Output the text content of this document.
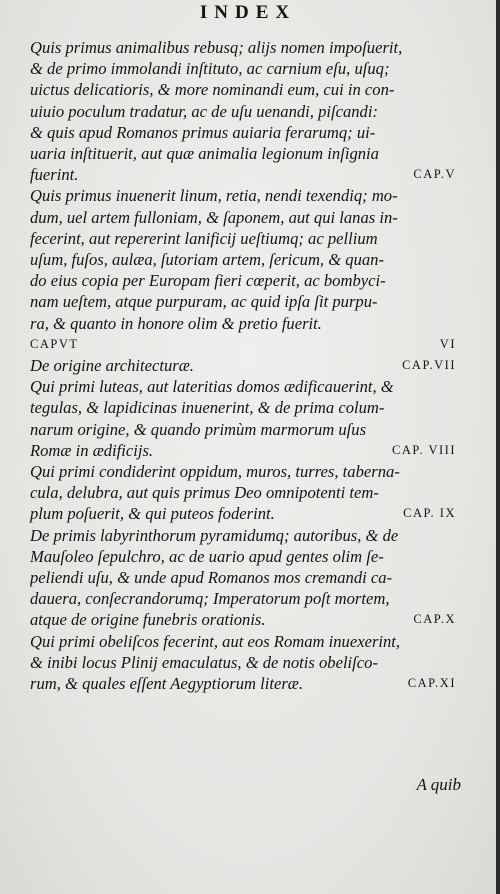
INDEX
Quis primus animalibus rebusq; alijs nomen impoſuerit,
& de primo immolandi inſtituto, ac carnium eſu, uſuq;
uictus delicatioris, & more nominandi eum, cui in con-
uiuio poculum tradatur, ac de uſu uenandi, piſcandi:
& quis apud Romanos primus auiaria ferarumq; ui-
uaria inſtituerit, aut quæ animalia legionum inſignia
fuerint.	CAP.V
Quis primus inuenerit linum, retia, nendi texendiq; mo-
dum, uel artem fulloniam, & ſaponem, aut qui lanas in-
fecerint, aut repererint lanificij ueſtiumq; ac pellium
uſum, fuſos, aulæa, ſutoriam artem, ſericum, & quan-
do eius copia per Europam fieri cœperit, ac bombyci-
nam ueſtem, atque purpuram, ac quid ipſa ſit purpu-
ra, & quanto in honore olim & pretio fuerit.
CAPVT	VI
De origine architecturæ.	CAP.VII
Qui primi luteas, aut lateritias domos ædificauerint, &
tegulas, & lapidicinas inuenerint, & de prima colum-
narum origine, & quando primùm marmorum uſus
Romæ in ædificijs.	CAP. VIII
Qui primi condiderint oppidum, muros, turres, taberna-
cula, delubra, aut quis primus Deo omnipotenti tem-
plum poſuerit, & qui puteos foderint.	CAP. IX
De primis labyrinthorum pyramidumq; autoribus, & de
Mauſoleo ſepulchro, ac de uario apud gentes olim ſe-
peliendi uſu, & unde apud Romanos mos cremandi ca-
dauera, conſecrandorumq; Imperatorum poſt mortem,
atque de origine funebris orationis.	CAP.X
Qui primi obeliſcos fecerint, aut eos Romam inuexerint,
& inibi locus Plinij emaculatus, & de notis obeliſco-
rum, & quales eſſent Aegyptiorum literæ.	CAP.XI
A quib
